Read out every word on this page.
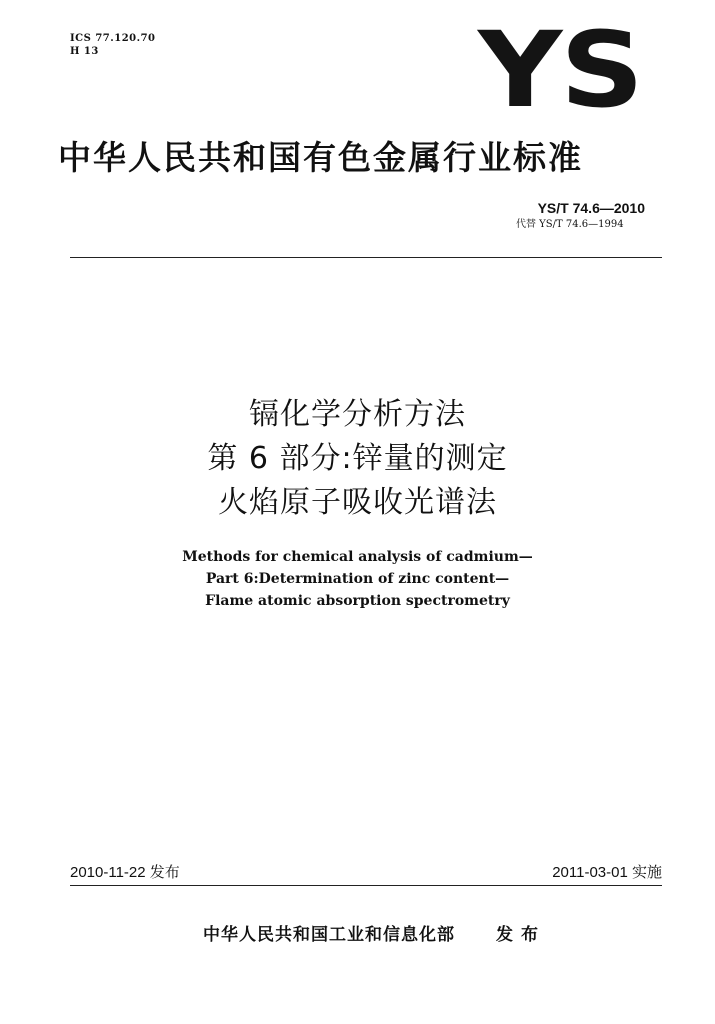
ICS 77.120.70
H 13	YS
中华人民共和国有色金属行业标准
YS/T 74.6—2010
代替 YS/T 74.6—1994
镉化学分析方法
第 6 部分:锌量的测定
火焰原子吸收光谱法
Methods for chemical analysis of cadmium—
Part 6:Determination of zinc content—
Flame atomic absorption spectrometry
2010-11-22 发布	2011-03-01 实施
中华人民共和国工业和信息化部 发布
